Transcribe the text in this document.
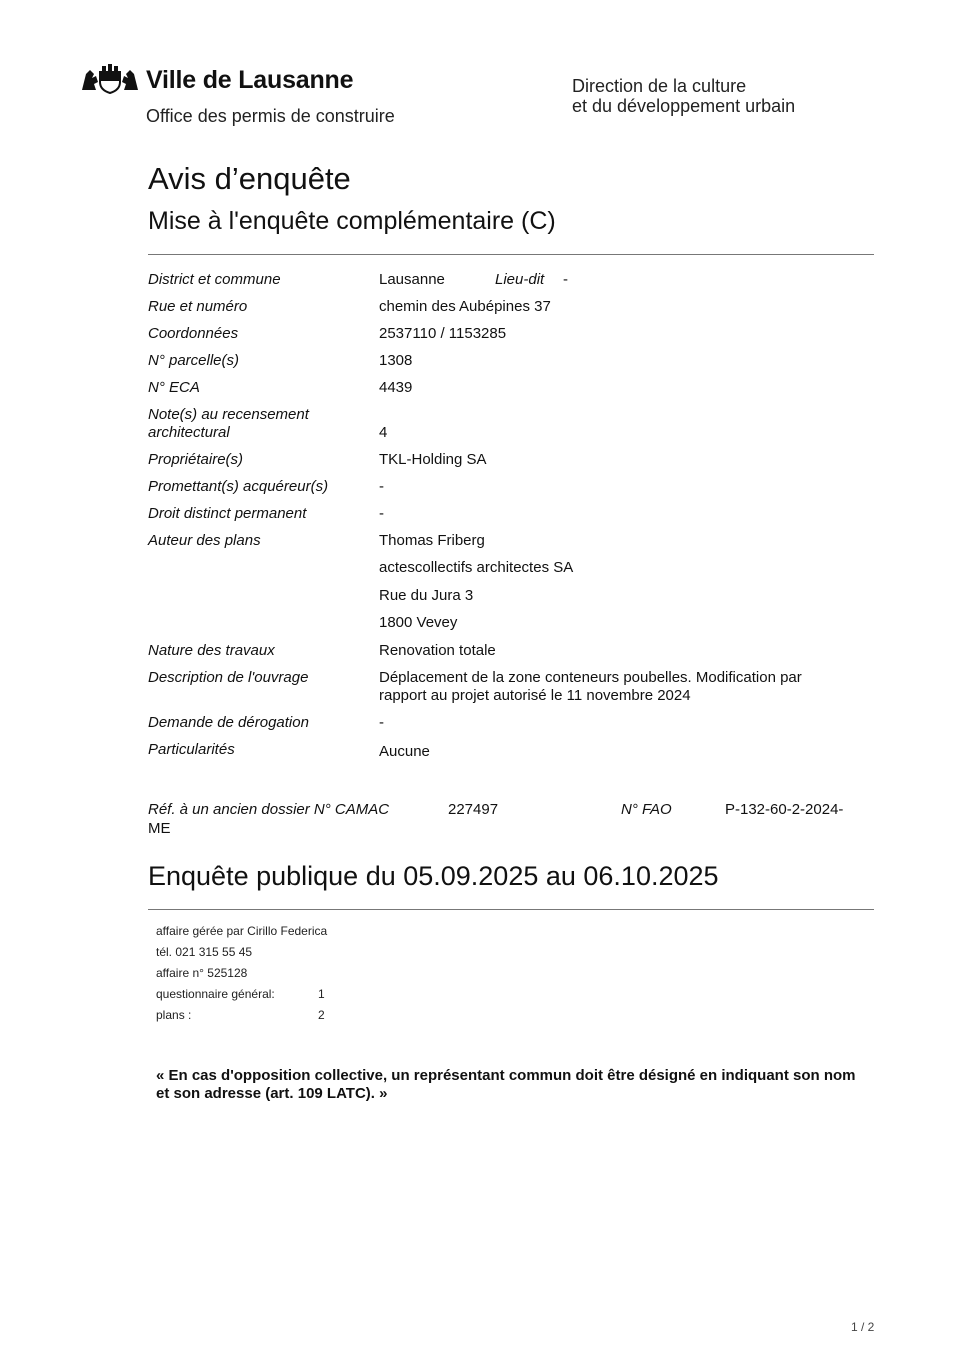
Ville de Lausanne
Office des permis de construire
Direction de la culture
et du développement urbain
Avis d’enquête
Mise à l'enquête complémentaire (C)
District et commune	Lausanne	Lieu-dit -
Rue et numéro	chemin des Aubépines 37
Coordonnées	2537110 / 1153285
N° parcelle(s)	1308
N° ECA	4439
Note(s) au recensement
architectural	4
Propriétaire(s)	TKL-Holding SA
Promettant(s) acquéreur(s)	-
Droit distinct permanent	-
Auteur des plans	Thomas Friberg
actescollectifs architectes SA
Rue du Jura 3
1800 Vevey
Nature des travaux	Renovation totale
Description de l'ouvrage	Déplacement de la zone conteneurs poubelles. Modification par rapport au projet autorisé le 11 novembre 2024
Demande de dérogation	-
Particularités	Aucune
Réf. à un ancien dossier N° CAMAC	227497	N° FAO	P-132-60-2-2024-
ME
Enquête publique du 05.09.2025 au 06.10.2025
affaire gérée par Cirillo Federica
tél. 021 315 55 45
affaire n° 525128
questionnaire général:	1
plans :	2
« En cas d'opposition collective, un représentant commun doit être désigné en indiquant son nom et son adresse (art. 109 LATC). »
1 / 2
